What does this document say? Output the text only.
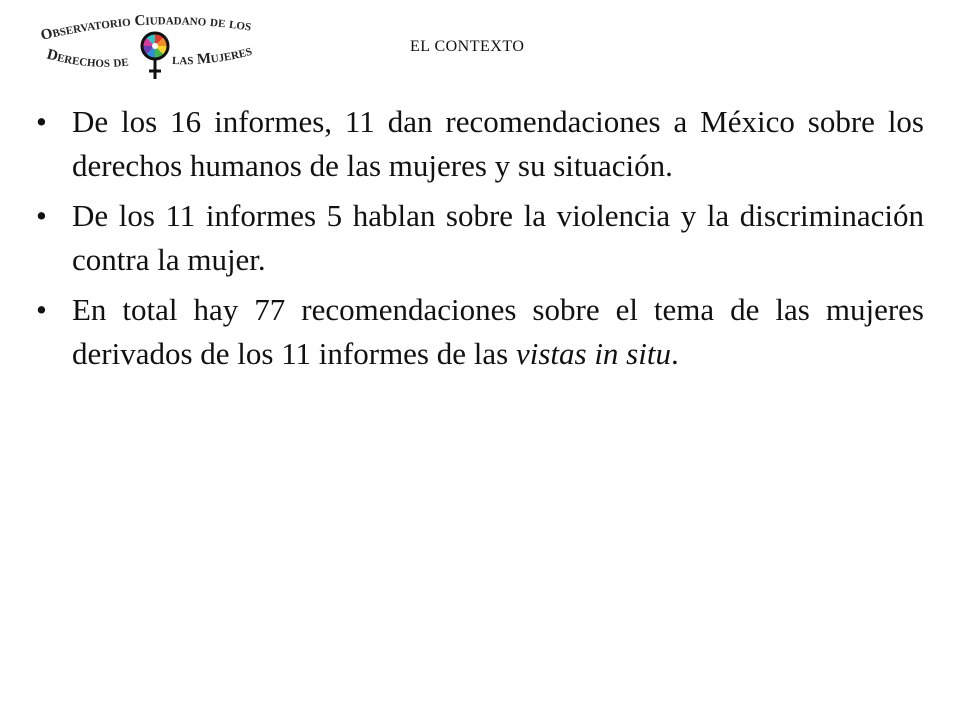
Observatorio Ciudadano de los
Derechos de	las Mujeres	EL CONTEXTO
• De los 16 informes, 11 dan recomendaciones a México sobre los derechos humanos de las mujeres y su situación.
• De los 11 informes 5 hablan sobre la violencia y la discriminación contra la mujer.
• En total hay 77 recomendaciones sobre el tema de las mujeres derivados de los 11 informes de las vistas in situ.
